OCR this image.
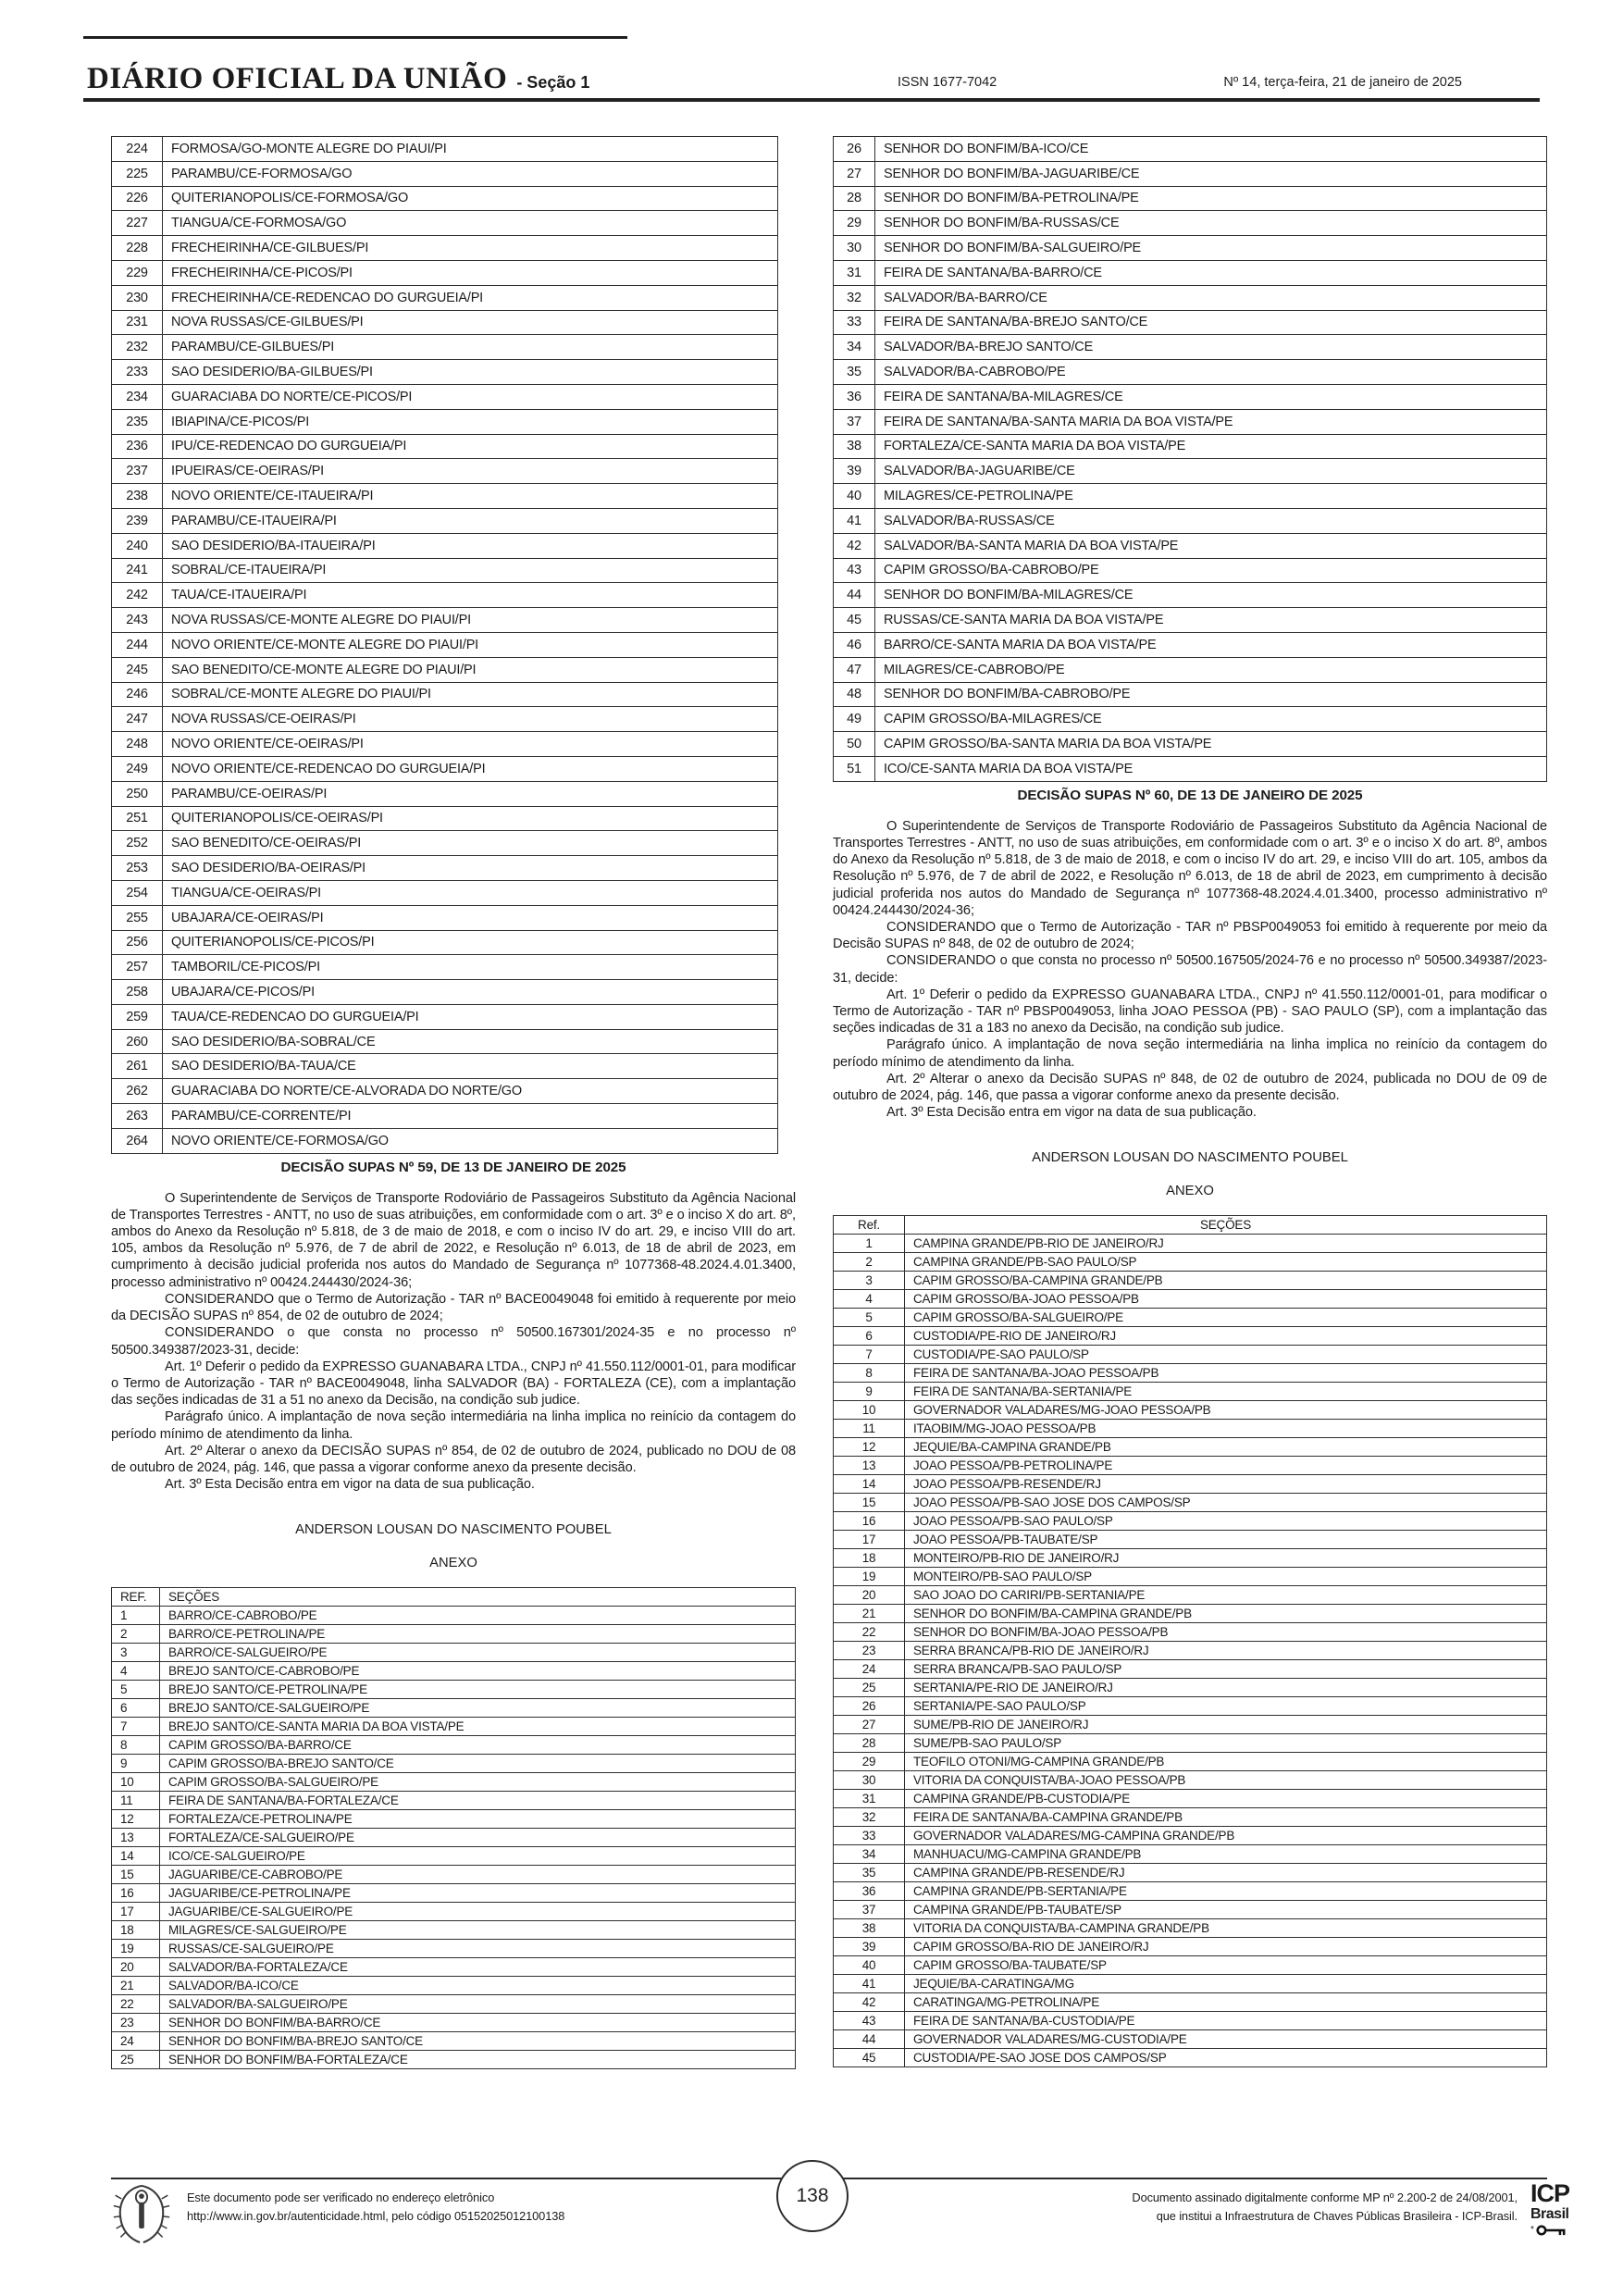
DIÁRIO OFICIAL DA UNIÃO - Seção 1	ISSN 1677-7042	Nº 14, terça-feira, 21 de janeiro de 2025
224	FORMOSA/GO-MONTE ALEGRE DO PIAUI/PI
225	PARAMBU/CE-FORMOSA/GO
226	QUITERIANOPOLIS/CE-FORMOSA/GO
227	TIANGUA/CE-FORMOSA/GO
228	FRECHEIRINHA/CE-GILBUES/PI
229	FRECHEIRINHA/CE-PICOS/PI
230	FRECHEIRINHA/CE-REDENCAO DO GURGUEIA/PI
231	NOVA RUSSAS/CE-GILBUES/PI
232	PARAMBU/CE-GILBUES/PI
233	SAO DESIDERIO/BA-GILBUES/PI
234	GUARACIABA DO NORTE/CE-PICOS/PI
235	IBIAPINA/CE-PICOS/PI
236	IPU/CE-REDENCAO DO GURGUEIA/PI
237	IPUEIRAS/CE-OEIRAS/PI
238	NOVO ORIENTE/CE-ITAUEIRA/PI
239	PARAMBU/CE-ITAUEIRA/PI
240	SAO DESIDERIO/BA-ITAUEIRA/PI
241	SOBRAL/CE-ITAUEIRA/PI
242	TAUA/CE-ITAUEIRA/PI
243	NOVA RUSSAS/CE-MONTE ALEGRE DO PIAUI/PI
244	NOVO ORIENTE/CE-MONTE ALEGRE DO PIAUI/PI
245	SAO BENEDITO/CE-MONTE ALEGRE DO PIAUI/PI
246	SOBRAL/CE-MONTE ALEGRE DO PIAUI/PI
247	NOVA RUSSAS/CE-OEIRAS/PI
248	NOVO ORIENTE/CE-OEIRAS/PI
249	NOVO ORIENTE/CE-REDENCAO DO GURGUEIA/PI
250	PARAMBU/CE-OEIRAS/PI
251	QUITERIANOPOLIS/CE-OEIRAS/PI
252	SAO BENEDITO/CE-OEIRAS/PI
253	SAO DESIDERIO/BA-OEIRAS/PI
254	TIANGUA/CE-OEIRAS/PI
255	UBAJARA/CE-OEIRAS/PI
256	QUITERIANOPOLIS/CE-PICOS/PI
257	TAMBORIL/CE-PICOS/PI
258	UBAJARA/CE-PICOS/PI
259	TAUA/CE-REDENCAO DO GURGUEIA/PI
260	SAO DESIDERIO/BA-SOBRAL/CE
261	SAO DESIDERIO/BA-TAUA/CE
262	GUARACIABA DO NORTE/CE-ALVORADA DO NORTE/GO
263	PARAMBU/CE-CORRENTE/PI
264	NOVO ORIENTE/CE-FORMOSA/GO
DECISÃO SUPAS Nº 59, DE 13 DE JANEIRO DE 2025

O Superintendente de Serviços de Transporte Rodoviário de Passageiros Substituto da Agência Nacional de Transportes Terrestres - ANTT, no uso de suas atribuições, em conformidade com o art. 3º e o inciso X do art. 8º, ambos do Anexo da Resolução nº 5.818, de 3 de maio de 2018, e com o inciso IV do art. 29, e inciso VIII do art. 105, ambos da Resolução nº 5.976, de 7 de abril de 2022, e Resolução nº 6.013, de 18 de abril de 2023, em cumprimento à decisão judicial proferida nos autos do Mandado de Segurança nº 1077368-48.2024.4.01.3400, processo administrativo nº 00424.244430/2024-36;

CONSIDERANDO que o Termo de Autorização - TAR nº BACE0049048 foi emitido à requerente por meio da DECISÃO SUPAS nº 854, de 02 de outubro de 2024;

CONSIDERANDO o que consta no processo nº 50500.167301/2024-35 e no processo nº 50500.349387/2023-31, decide:

Art. 1º Deferir o pedido da EXPRESSO GUANABARA LTDA., CNPJ nº 41.550.112/0001-01, para modificar o Termo de Autorização - TAR nº BACE0049048, linha SALVADOR (BA) - FORTALEZA (CE), com a implantação das seções indicadas de 31 a 51 no anexo da Decisão, na condição sub judice.

Parágrafo único. A implantação de nova seção intermediária na linha implica no reinício da contagem do período mínimo de atendimento da linha.

Art. 2º Alterar o anexo da DECISÃO SUPAS nº 854, de 02 de outubro de 2024, publicado no DOU de 08 de outubro de 2024, pág. 146, que passa a vigorar conforme anexo da presente decisão.

Art. 3º Esta Decisão entra em vigor na data de sua publicação.

ANDERSON LOUSAN DO NASCIMENTO POUBEL

ANEXO

REF.	SEÇÕES
1	BARRO/CE-CABROBO/PE
2	BARRO/CE-PETROLINA/PE
3	BARRO/CE-SALGUEIRO/PE
4	BREJO SANTO/CE-CABROBO/PE
5	BREJO SANTO/CE-PETROLINA/PE
6	BREJO SANTO/CE-SALGUEIRO/PE
7	BREJO SANTO/CE-SANTA MARIA DA BOA VISTA/PE
8	CAPIM GROSSO/BA-BARRO/CE
9	CAPIM GROSSO/BA-BREJO SANTO/CE
10	CAPIM GROSSO/BA-SALGUEIRO/PE
11	FEIRA DE SANTANA/BA-FORTALEZA/CE
12	FORTALEZA/CE-PETROLINA/PE
13	FORTALEZA/CE-SALGUEIRO/PE
14	ICO/CE-SALGUEIRO/PE
15	JAGUARIBE/CE-CABROBO/PE
16	JAGUARIBE/CE-PETROLINA/PE
17	JAGUARIBE/CE-SALGUEIRO/PE
18	MILAGRES/CE-SALGUEIRO/PE
19	RUSSAS/CE-SALGUEIRO/PE
20	SALVADOR/BA-FORTALEZA/CE
21	SALVADOR/BA-ICO/CE
22	SALVADOR/BA-SALGUEIRO/PE
23	SENHOR DO BONFIM/BA-BARRO/CE
24	SENHOR DO BONFIM/BA-BREJO SANTO/CE
25	SENHOR DO BONFIM/BA-FORTALEZA/CE
26	SENHOR DO BONFIM/BA-ICO/CE
27	SENHOR DO BONFIM/BA-JAGUARIBE/CE
28	SENHOR DO BONFIM/BA-PETROLINA/PE
29	SENHOR DO BONFIM/BA-RUSSAS/CE
30	SENHOR DO BONFIM/BA-SALGUEIRO/PE
31	FEIRA DE SANTANA/BA-BARRO/CE
32	SALVADOR/BA-BARRO/CE
33	FEIRA DE SANTANA/BA-BREJO SANTO/CE
34	SALVADOR/BA-BREJO SANTO/CE
35	SALVADOR/BA-CABROBO/PE
36	FEIRA DE SANTANA/BA-MILAGRES/CE
37	FEIRA DE SANTANA/BA-SANTA MARIA DA BOA VISTA/PE
38	FORTALEZA/CE-SANTA MARIA DA BOA VISTA/PE
39	SALVADOR/BA-JAGUARIBE/CE
40	MILAGRES/CE-PETROLINA/PE
41	SALVADOR/BA-RUSSAS/CE
42	SALVADOR/BA-SANTA MARIA DA BOA VISTA/PE
43	CAPIM GROSSO/BA-CABROBO/PE
44	SENHOR DO BONFIM/BA-MILAGRES/CE
45	RUSSAS/CE-SANTA MARIA DA BOA VISTA/PE
46	BARRO/CE-SANTA MARIA DA BOA VISTA/PE
47	MILAGRES/CE-CABROBO/PE
48	SENHOR DO BONFIM/BA-CABROBO/PE
49	CAPIM GROSSO/BA-MILAGRES/CE
50	CAPIM GROSSO/BA-SANTA MARIA DA BOA VISTA/PE
51	ICO/CE-SANTA MARIA DA BOA VISTA/PE
DECISÃO SUPAS Nº 60, DE 13 DE JANEIRO DE 2025

O Superintendente de Serviços de Transporte Rodoviário de Passageiros Substituto da Agência Nacional de Transportes Terrestres - ANTT, no uso de suas atribuições, em conformidade com o art. 3º e o inciso X do art. 8º, ambos do Anexo da Resolução nº 5.818, de 3 de maio de 2018, e com o inciso IV do art. 29, e inciso VIII do art. 105, ambos da Resolução nº 5.976, de 7 de abril de 2022, e Resolução nº 6.013, de 18 de abril de 2023, em cumprimento à decisão judicial proferida nos autos do Mandado de Segurança nº 1077368-48.2024.4.01.3400, processo administrativo nº 00424.244430/2024-36;

CONSIDERANDO que o Termo de Autorização - TAR nº PBSP0049053 foi emitido à requerente por meio da Decisão SUPAS nº 848, de 02 de outubro de 2024;

CONSIDERANDO o que consta no processo nº 50500.167505/2024-76 e no processo nº 50500.349387/2023-31, decide:

Art. 1º Deferir o pedido da EXPRESSO GUANABARA LTDA., CNPJ nº 41.550.112/0001-01, para modificar o Termo de Autorização - TAR nº PBSP0049053, linha JOAO PESSOA (PB) - SAO PAULO (SP), com a implantação das seções indicadas de 31 a 183 no anexo da Decisão, na condição sub judice.

Parágrafo único. A implantação de nova seção intermediária na linha implica no reinício da contagem do período mínimo de atendimento da linha.

Art. 2º Alterar o anexo da Decisão SUPAS nº 848, de 02 de outubro de 2024, publicada no DOU de 09 de outubro de 2024, pág. 146, que passa a vigorar conforme anexo da presente decisão.

Art. 3º Esta Decisão entra em vigor na data de sua publicação.

ANDERSON LOUSAN DO NASCIMENTO POUBEL

ANEXO

Ref.	SEÇÕES
1	CAMPINA GRANDE/PB-RIO DE JANEIRO/RJ
2	CAMPINA GRANDE/PB-SAO PAULO/SP
3	CAPIM GROSSO/BA-CAMPINA GRANDE/PB
4	CAPIM GROSSO/BA-JOAO PESSOA/PB
5	CAPIM GROSSO/BA-SALGUEIRO/PE
6	CUSTODIA/PE-RIO DE JANEIRO/RJ
7	CUSTODIA/PE-SAO PAULO/SP
8	FEIRA DE SANTANA/BA-JOAO PESSOA/PB
9	FEIRA DE SANTANA/BA-SERTANIA/PE
10	GOVERNADOR VALADARES/MG-JOAO PESSOA/PB
11	ITAOBIM/MG-JOAO PESSOA/PB
12	JEQUIE/BA-CAMPINA GRANDE/PB
13	JOAO PESSOA/PB-PETROLINA/PE
14	JOAO PESSOA/PB-RESENDE/RJ
15	JOAO PESSOA/PB-SAO JOSE DOS CAMPOS/SP
16	JOAO PESSOA/PB-SAO PAULO/SP
17	JOAO PESSOA/PB-TAUBATE/SP
18	MONTEIRO/PB-RIO DE JANEIRO/RJ
19	MONTEIRO/PB-SAO PAULO/SP
20	SAO JOAO DO CARIRI/PB-SERTANIA/PE
21	SENHOR DO BONFIM/BA-CAMPINA GRANDE/PB
22	SENHOR DO BONFIM/BA-JOAO PESSOA/PB
23	SERRA BRANCA/PB-RIO DE JANEIRO/RJ
24	SERRA BRANCA/PB-SAO PAULO/SP
25	SERTANIA/PE-RIO DE JANEIRO/RJ
26	SERTANIA/PE-SAO PAULO/SP
27	SUME/PB-RIO DE JANEIRO/RJ
28	SUME/PB-SAO PAULO/SP
29	TEOFILO OTONI/MG-CAMPINA GRANDE/PB
30	VITORIA DA CONQUISTA/BA-JOAO PESSOA/PB
31	CAMPINA GRANDE/PB-CUSTODIA/PE
32	FEIRA DE SANTANA/BA-CAMPINA GRANDE/PB
33	GOVERNADOR VALADARES/MG-CAMPINA GRANDE/PB
34	MANHUACU/MG-CAMPINA GRANDE/PB
35	CAMPINA GRANDE/PB-RESENDE/RJ
36	CAMPINA GRANDE/PB-SERTANIA/PE
37	CAMPINA GRANDE/PB-TAUBATE/SP
38	VITORIA DA CONQUISTA/BA-CAMPINA GRANDE/PB
39	CAPIM GROSSO/BA-RIO DE JANEIRO/RJ
40	CAPIM GROSSO/BA-TAUBATE/SP
41	JEQUIE/BA-CARATINGA/MG
42	CARATINGA/MG-PETROLINA/PE
43	FEIRA DE SANTANA/BA-CUSTODIA/PE
44	GOVERNADOR VALADARES/MG-CUSTODIA/PE
45	CUSTODIA/PE-SAO JOSE DOS CAMPOS/SP
138
Este documento pode ser verificado no endereço eletrônico
http://www.in.gov.br/autenticidade.html, pelo código 05152025012100138
Documento assinado digitalmente conforme MP nº 2.200-2 de 24/08/2001,
que institui a Infraestrutura de Chaves Públicas Brasileira - ICP-Brasil.
ICP
Brasil
*
